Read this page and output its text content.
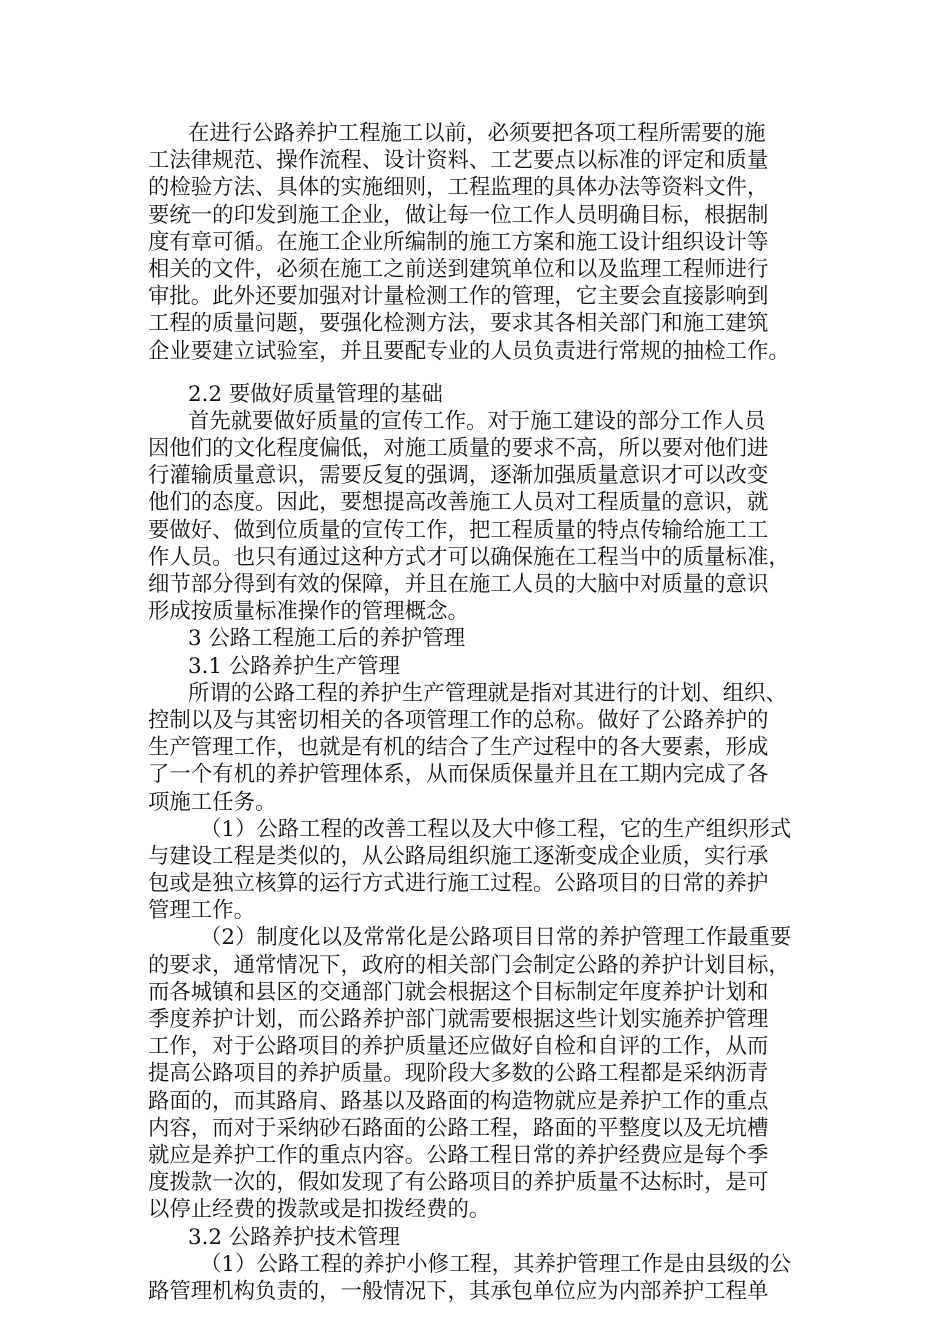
在进行公路养护工程施工以前，必须要把各项工程所需要的施
工法律规范、操作流程、设计资料、工艺要点以标准的评定和质量
的检验方法、具体的实施细则，工程监理的具体办法等资料文件，
要统一的印发到施工企业，做让每一位工作人员明确目标，根据制
度有章可循。在施工企业所编制的施工方案和施工设计组织设计等
相关的文件，必须在施工之前送到建筑单位和以及监理工程师进行
审批。此外还要加强对计量检测工作的管理，它主要会直接影响到
工程的质量问题，要强化检测方法，要求其各相关部门和施工建筑
企业要建立试验室，并且要配专业的人员负责进行常规的抽检工作。
2.2 要做好质量管理的基础
首先就要做好质量的宣传工作。对于施工建设的部分工作人员
因他们的文化程度偏低，对施工质量的要求不高，所以要对他们进
行灌输质量意识，需要反复的强调，逐渐加强质量意识才可以改变
他们的态度。因此，要想提高改善施工人员对工程质量的意识，就
要做好、做到位质量的宣传工作，把工程质量的特点传输给施工工
作人员。也只有通过这种方式才可以确保施在工程当中的质量标准，
细节部分得到有效的保障，并且在施工人员的大脑中对质量的意识
形成按质量标准操作的管理概念。
3 公路工程施工后的养护管理
3.1 公路养护生产管理
所谓的公路工程的养护生产管理就是指对其进行的计划、组织、
控制以及与其密切相关的各项管理工作的总称。做好了公路养护的
生产管理工作，也就是有机的结合了生产过程中的各大要素，形成
了一个有机的养护管理体系，从而保质保量并且在工期内完成了各
项施工任务。
（1）公路工程的改善工程以及大中修工程，它的生产组织形式
与建设工程是类似的，从公路局组织施工逐渐变成企业质，实行承
包或是独立核算的运行方式进行施工过程。公路项目的日常的养护
管理工作。
（2）制度化以及常常化是公路项目日常的养护管理工作最重要
的要求，通常情况下，政府的相关部门会制定公路的养护计划目标，
而各城镇和县区的交通部门就会根据这个目标制定年度养护计划和
季度养护计划，而公路养护部门就需要根据这些计划实施养护管理
工作，对于公路项目的养护质量还应做好自检和自评的工作，从而
提高公路项目的养护质量。现阶段大多数的公路工程都是采纳沥青
路面的，而其路肩、路基以及路面的构造物就应是养护工作的重点
内容，而对于采纳砂石路面的公路工程，路面的平整度以及无坑槽
就应是养护工作的重点内容。公路工程日常的养护经费应是每个季
度拨款一次的，假如发现了有公路项目的养护质量不达标时，是可
以停止经费的拨款或是扣拨经费的。
3.2 公路养护技术管理
（1）公路工程的养护小修工程，其养护管理工作是由县级的公
路管理机构负责的，一般情况下，其承包单位应为内部养护工程单
